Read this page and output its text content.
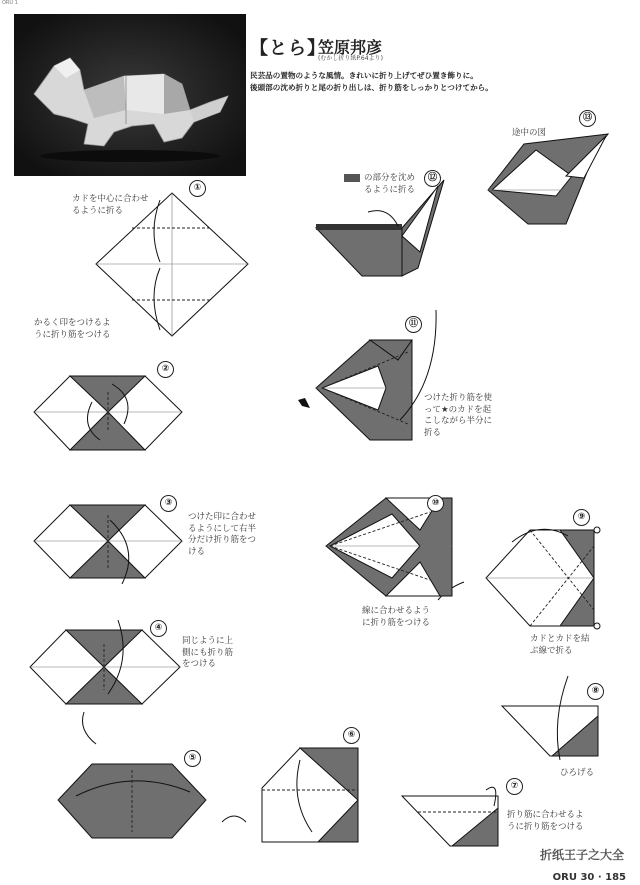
ORU 1
【とら】
笠原邦彦
(むかし折り紙P.64より)
民芸品の置物のような風情。きれいに折り上げてぜひ置き飾りに。
後頭部の沈め折りと尾の折り出しは、折り筋をしっかりとつけてから。
①
②
③
④
⑤
⑥
⑦
⑧
⑨
⑩
⑪
⑫
⑬
カドを中心に合わせるように折る
かるく印をつけるように折り筋をつける
つけた印に合わせるようにして右半分だけ折り筋をつける
同じように上側にも折り筋をつける
折り筋に合わせるように折り筋をつける
ひろげる
カドとカドを結ぶ線で折る
線に合わせるように折り筋をつける
つけた折り筋を使って★のカドを起こしながら半分に折る
の部分を沈めるように折る
途中の図
折纸王子之大全
ORU 30 · 185
